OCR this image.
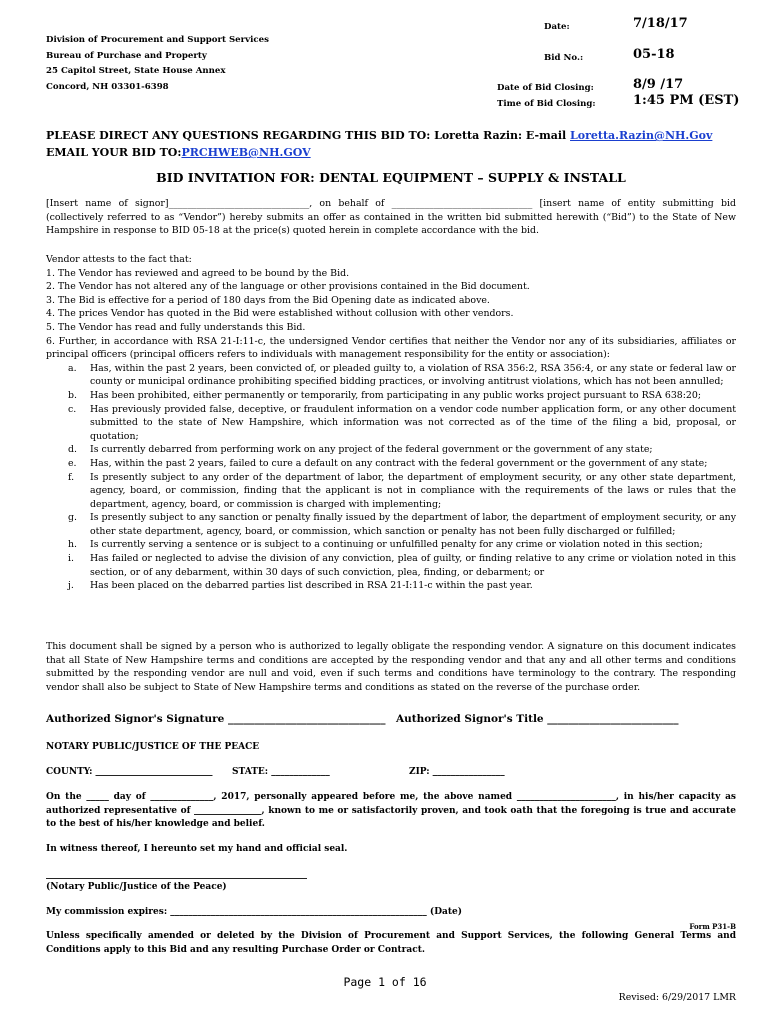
Division of Procurement and Support Services
Bureau of Purchase and Property
25 Capitol Street, State House Annex
Concord, NH 03301-6398
Date:	7/18/17
Bid No.:	05-18
Date of Bid Closing:	8/9 /17
Time of Bid Closing:	1:45 PM (EST)
PLEASE DIRECT ANY QUESTIONS REGARDING THIS BID TO: Loretta Razin: E-mail Loretta.Razin@NH.Gov
EMAIL YOUR BID TO:PRCHWEB@NH.GOV
BID INVITATION FOR: DENTAL EQUIPMENT – SUPPLY & INSTALL
[Insert name of signor]______________________________, on behalf of ______________________________ [insert name of entity submitting bid (collectively referred to as “Vendor”) hereby submits an offer as contained in the written bid submitted herewith (“Bid”) to the State of New Hampshire in response to BID 05-18 at the price(s) quoted herein in complete accordance with the bid.
Vendor attests to the fact that:
1. The Vendor has reviewed and agreed to be bound by the Bid.
2. The Vendor has not altered any of the language or other provisions contained in the Bid document.
3. The Bid is effective for a period of 180 days from the Bid Opening date as indicated above.
4. The prices Vendor has quoted in the Bid were established without collusion with other vendors.
5. The Vendor has read and fully understands this Bid.
6. Further, in accordance with RSA 21-I:11-c, the undersigned Vendor certifies that neither the Vendor nor any of its subsidiaries, affiliates or principal officers (principal officers refers to individuals with management responsibility for the entity or association):
a. Has, within the past 2 years, been convicted of, or pleaded guilty to, a violation of RSA 356:2, RSA 356:4, or any state or federal law or county or municipal ordinance prohibiting specified bidding practices, or involving antitrust violations, which has not been annulled;
b. Has been prohibited, either permanently or temporarily, from participating in any public works project pursuant to RSA 638:20;
c. Has previously provided false, deceptive, or fraudulent information on a vendor code number application form, or any other document submitted to the state of New Hampshire, which information was not corrected as of the time of the filing a bid, proposal, or quotation;
d. Is currently debarred from performing work on any project of the federal government or the government of any state;
e. Has, within the past 2 years, failed to cure a default on any contract with the federal government or the government of any state;
f. Is presently subject to any order of the department of labor, the department of employment security, or any other state department, agency, board, or commission, finding that the applicant is not in compliance with the requirements of the laws or rules that the department, agency, board, or commission is charged with implementing;
g. Is presently subject to any sanction or penalty finally issued by the department of labor, the department of employment security, or any other state department, agency, board, or commission, which sanction or penalty has not been fully discharged or fulfilled;
h. Is currently serving a sentence or is subject to a continuing or unfulfilled penalty for any crime or violation noted in this section;
i. Has failed or neglected to advise the division of any conviction, plea of guilty, or finding relative to any crime or violation noted in this section, or of any debarment, within 30 days of such conviction, plea, finding, or debarment; or
j. Has been placed on the debarred parties list described in RSA 21-I:11-c within the past year.
This document shall be signed by a person who is authorized to legally obligate the responding vendor. A signature on this document indicates that all State of New Hampshire terms and conditions are accepted by the responding vendor and that any and all other terms and conditions submitted by the responding vendor are null and void, even if such terms and conditions have terminology to the contrary. The responding vendor shall also be subject to State of New Hampshire terms and conditions as stated on the reverse of the purchase order.
Authorized Signor's Signature ______________________________ Authorized Signor's Title _________________________
NOTARY PUBLIC/JUSTICE OF THE PEACE
COUNTY: __________________________ STATE: _____________	ZIP: ________________
On the _____ day of ______________, 2017, personally appeared before me, the above named ______________________, in his/her capacity as authorized representative of _______________, known to me or satisfactorily proven, and took oath that the foregoing is true and accurate to the best of his/her knowledge and belief.
In witness thereof, I hereunto set my hand and official seal.
__________________________________________________________
(Notary Public/Justice of the Peace)
My commission expires: _________________________________________________________ (Date)
Form P31-B
Unless specifically amended or deleted by the Division of Procurement and Support Services, the following General Terms and Conditions apply to this Bid and any resulting Purchase Order or Contract.
Page 1 of 16
Revised: 6/29/2017 LMR
